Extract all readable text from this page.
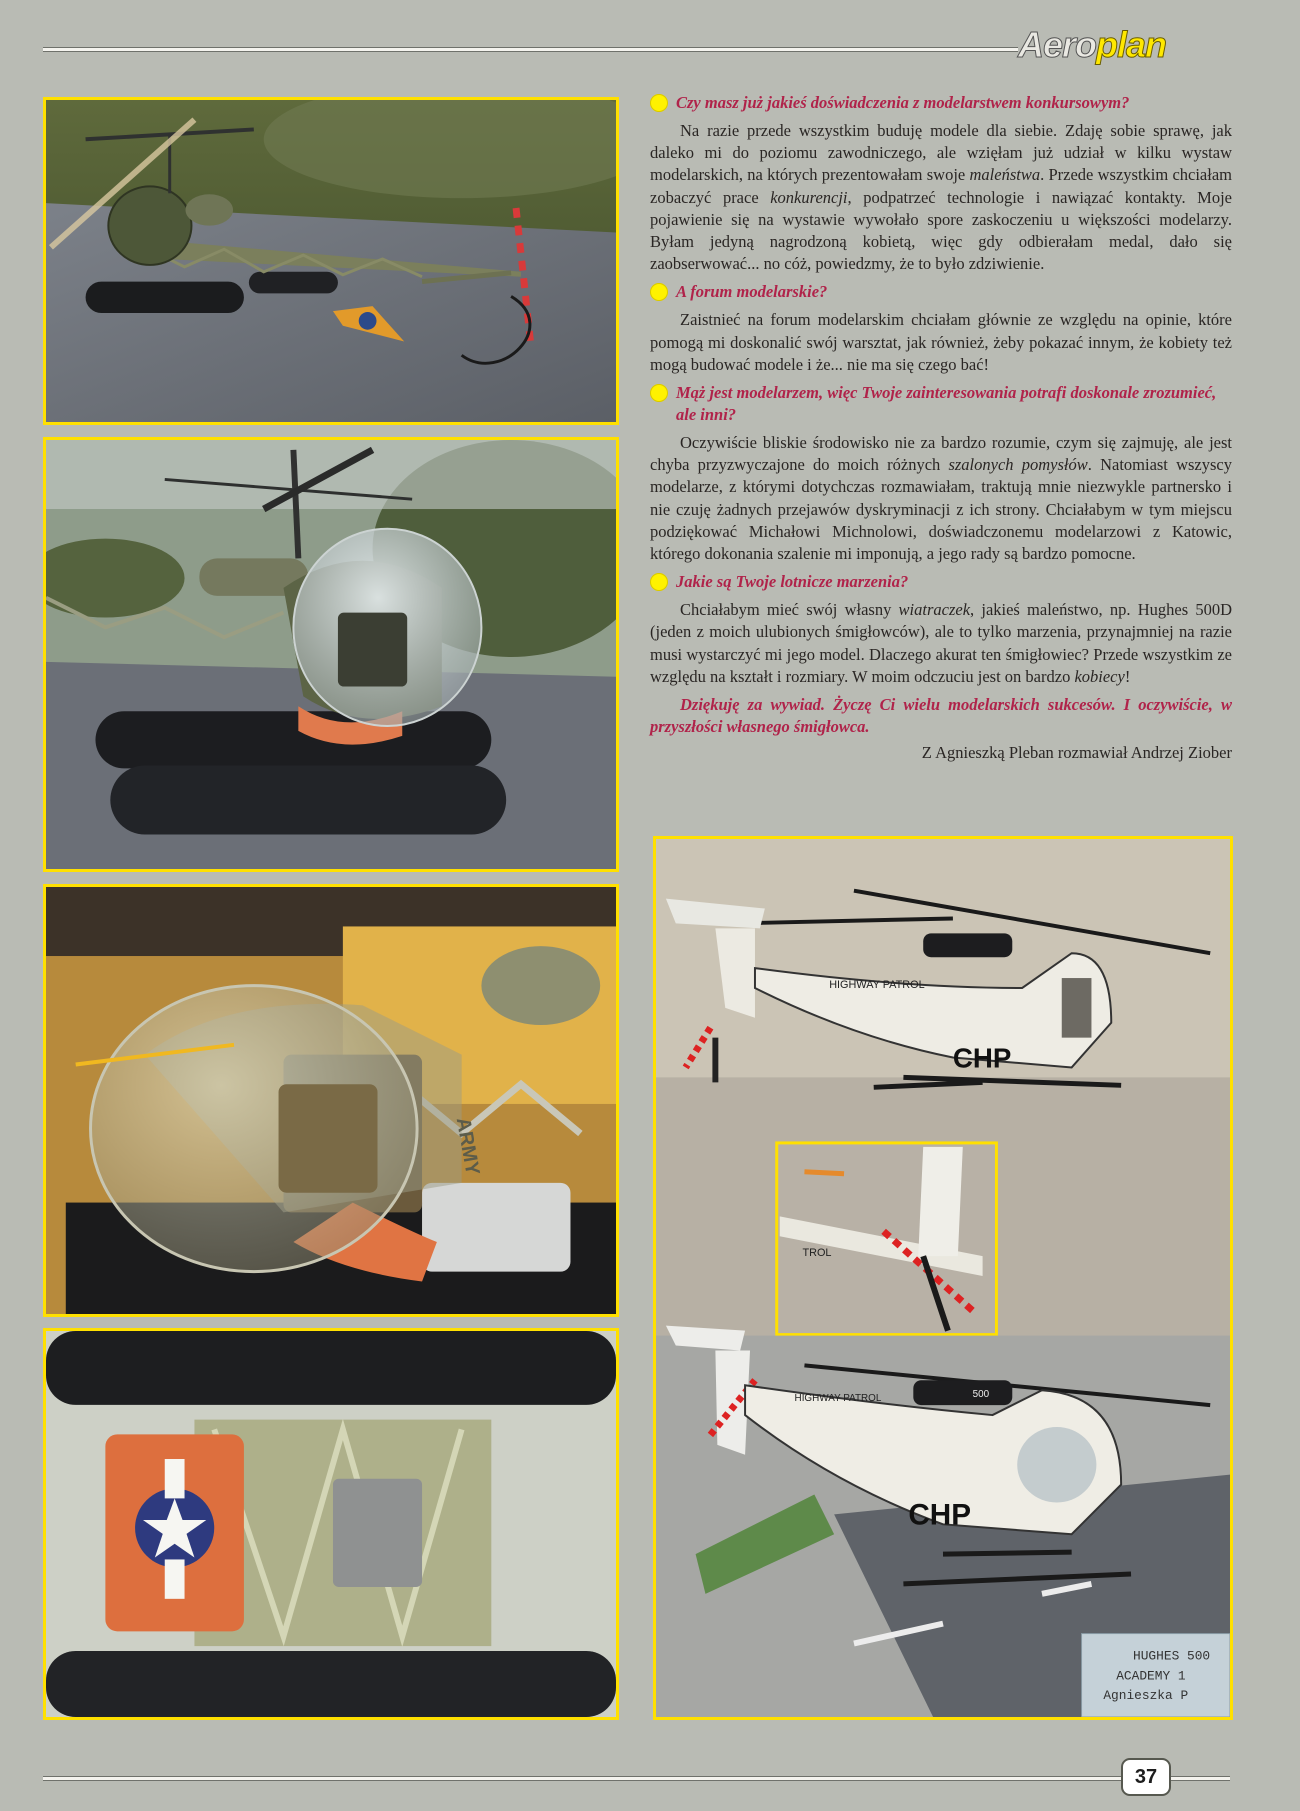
Aeroplan
ARMY

Czy masz już jakieś doświadczenia z modelarstwem konkursowym?

Na razie przede wszystkim buduję modele dla siebie. Zdaję sobie sprawę, jak daleko mi do poziomu zawodniczego, ale wzięłam już udział w kilku wystaw modelarskich, na których prezentowałam swoje maleństwa. Przede wszystkim chciałam zobaczyć prace konkurencji, podpatrzeć technologie i nawiązać kontakty. Moje pojawienie się na wystawie wywołało spore zaskoczeniu u większości modelarzy. Byłam jedyną nagrodzoną kobietą, więc gdy odbierałam medal, dało się zaobserwować... no cóż, powiedzmy, że to było zdziwienie.

A forum modelarskie?

Zaistnieć na forum modelarskim chciałam głównie ze względu na opinie, które pomogą mi doskonalić swój warsztat, jak również, żeby pokazać innym, że kobiety też mogą budować modele i że... nie ma się czego bać!

Mąż jest modelarzem, więc Twoje zainteresowania potrafi doskonale zrozumieć, ale inni?

Oczywiście bliskie środowisko nie za bardzo rozumie, czym się zajmuję, ale jest chyba przyzwyczajone do moich różnych szalonych pomysłów. Natomiast wszyscy modelarze, z którymi dotychczas rozmawiałam, traktują mnie niezwykle partnersko i nie czuję żadnych przejawów dyskryminacji z ich strony. Chciałabym w tym miejscu podziękować Michałowi Michnolowi, doświadczonemu modelarzowi z Katowic, którego dokonania szalenie mi imponują, a jego rady są bardzo pomocne.

Jakie są Twoje lotnicze marzenia?

Chciałabym mieć swój własny wiatraczek, jakieś maleństwo, np. Hughes 500D (jeden z moich ulubionych śmigłowców), ale to tylko marzenia, przynajmniej na razie musi wystarczyć mi jego model. Dlaczego akurat ten śmigłowiec? Przede wszystkim ze względu na kształt i rozmiary. W moim odczuciu jest on bardzo kobiecy!

Dziękuję za wywiad. Życzę Ci wielu modelarskich sukcesów. I oczywiście, w przyszłości własnego śmigłowca.

Z Agnieszką Pleban rozmawiał Andrzej Ziober

HIGHWAY PATROL
CHP
TROL
500
HIGHWAY PATROL
CHP
HUGHES 500
ACADEMY 1
Agnieszka P
37
